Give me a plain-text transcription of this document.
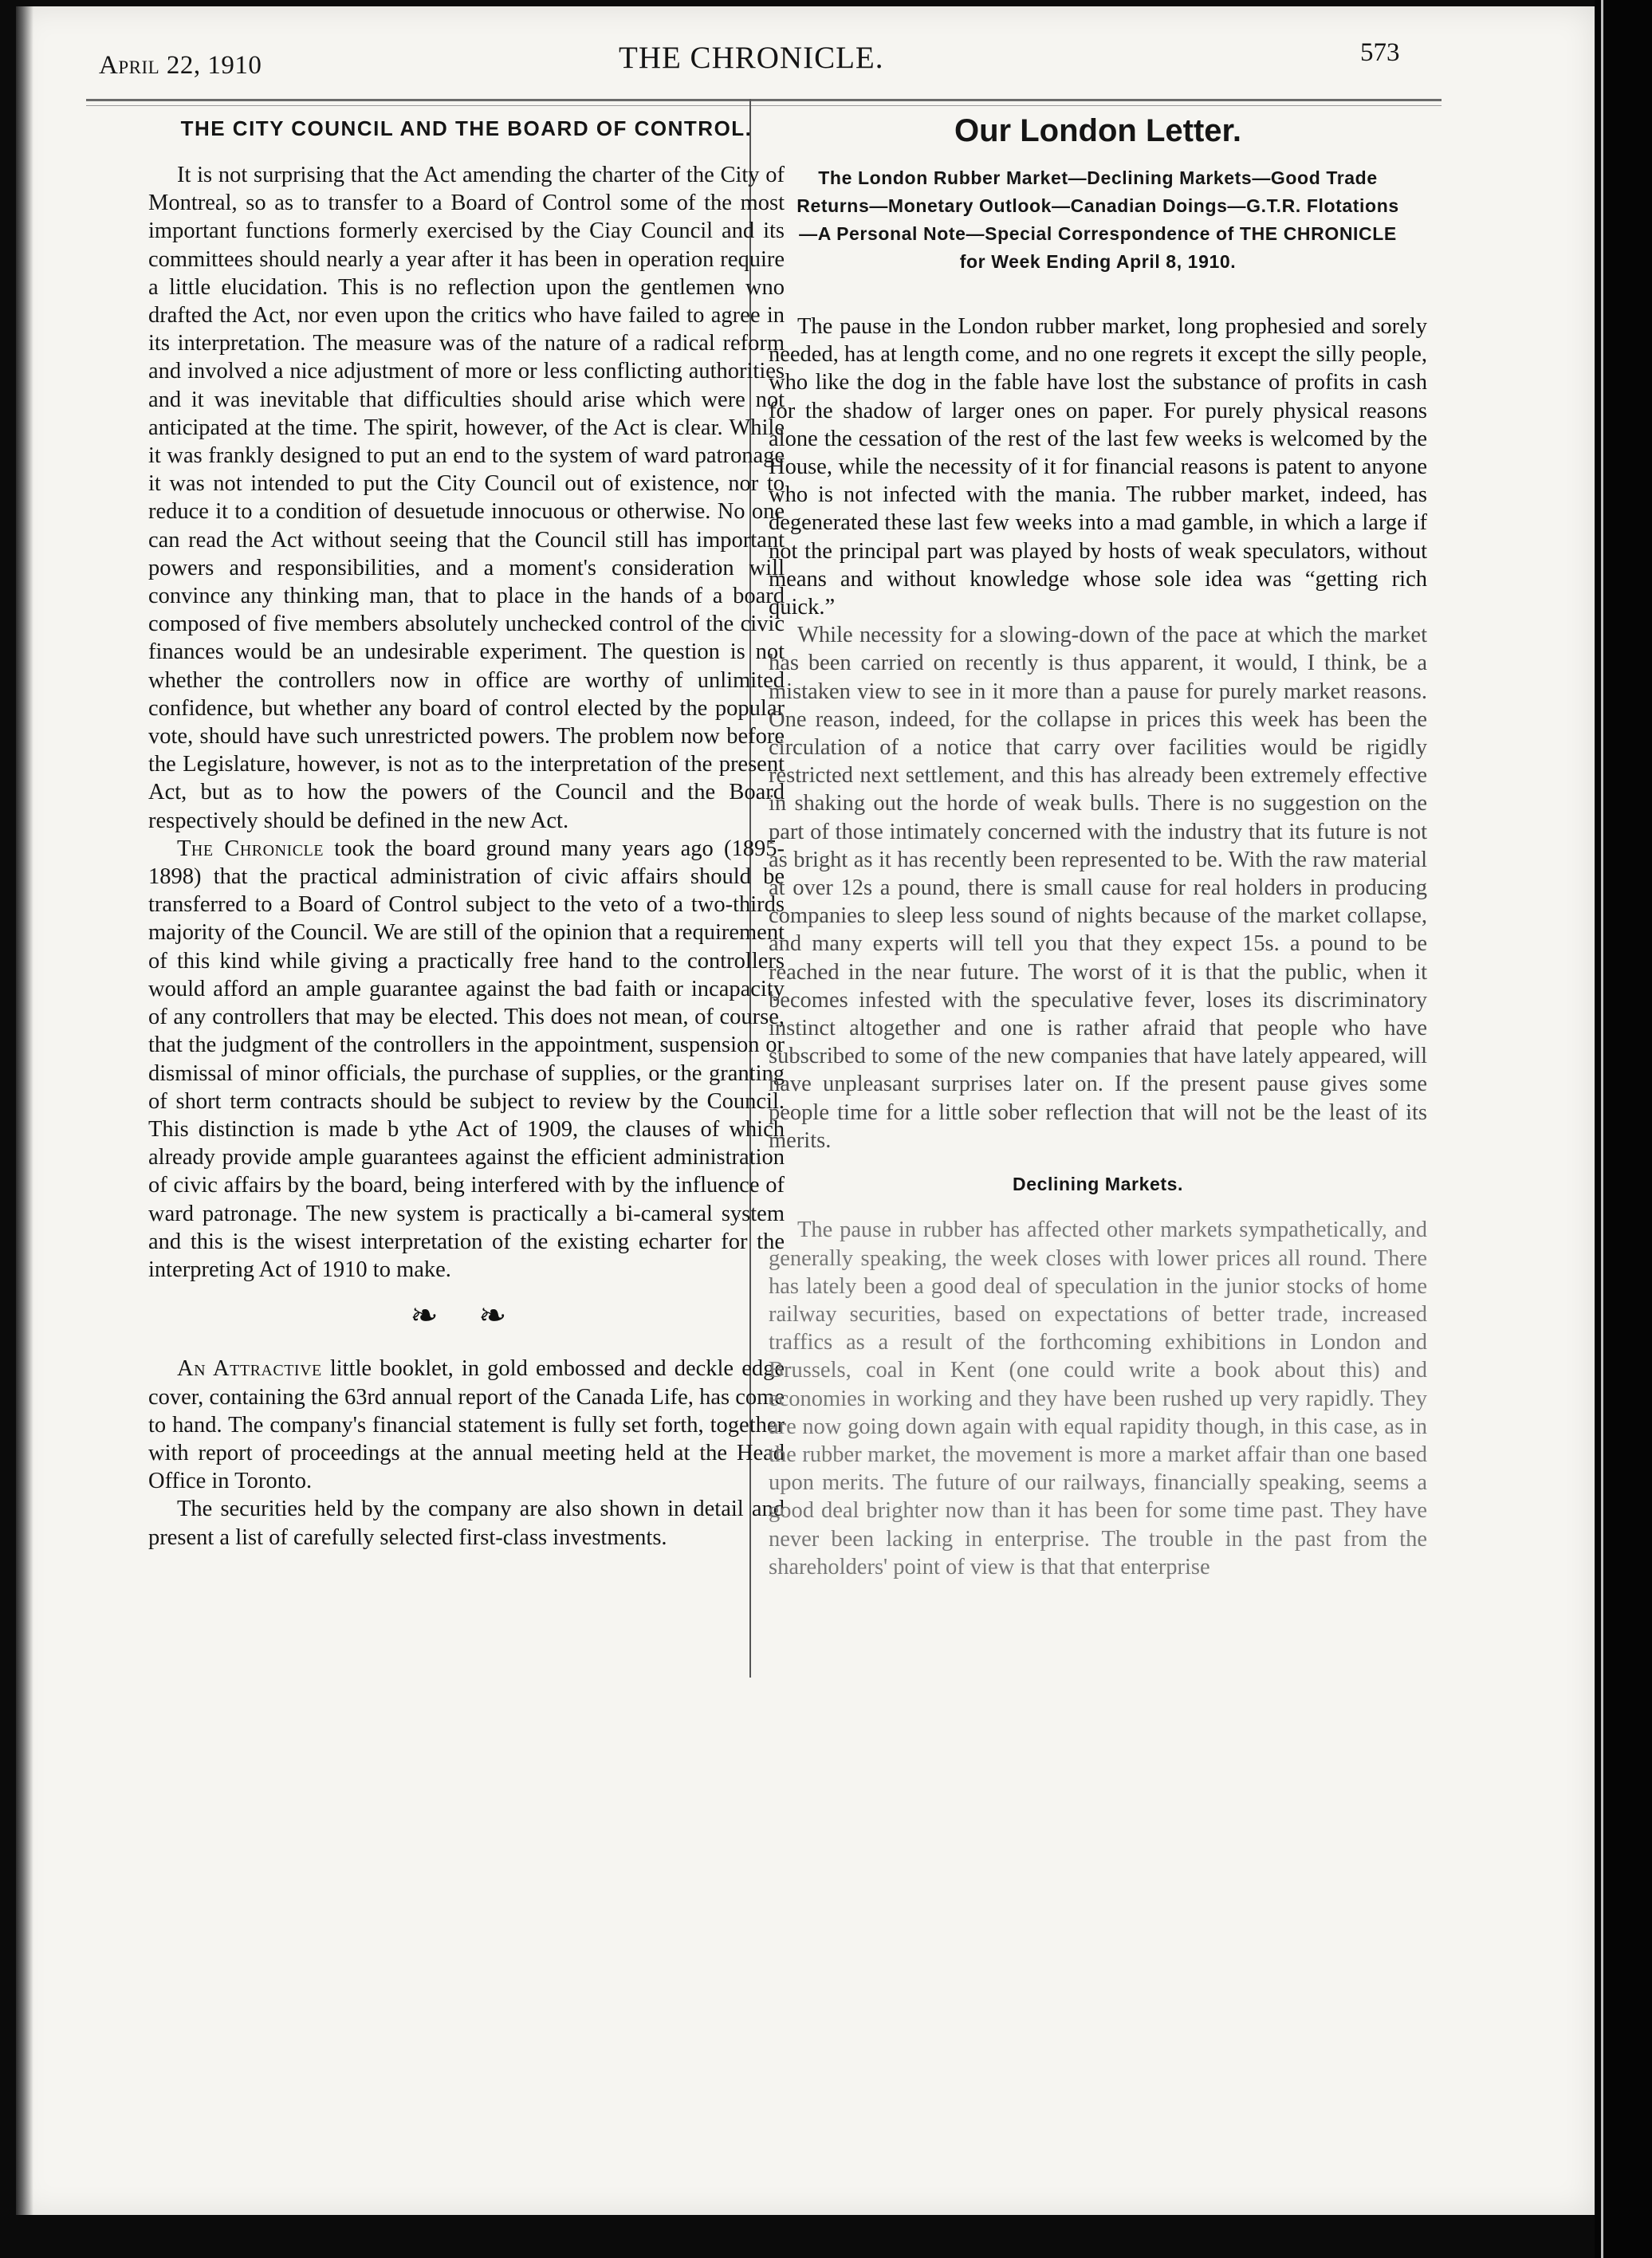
April 22, 1910	THE CHRONICLE.	573
THE CITY COUNCIL AND THE BOARD OF CONTROL.

It is not surprising that the Act amending the charter of the City of Montreal, so as to transfer to a Board of Control some of the most important functions formerly exercised by the Ciay Council and its committees should nearly a year after it has been in operation require a little elucidation. This is no reflection upon the gentlemen wno drafted the Act, nor even upon the critics who have failed to agree in its interpretation. The measure was of the nature of a radical reform and involved a nice adjustment of more or less conflicting authorities and it was inevitable that difficulties should arise which were not anticipated at the time. The spirit, however, of the Act is clear. While it was frankly designed to put an end to the system of ward patronage it was not intended to put the City Council out of existence, nor to reduce it to a condition of desuetude innocuous or otherwise. No one can read the Act without seeing that the Council still has important powers and responsibilities, and a moment's consideration will convince any thinking man, that to place in the hands of a board composed of five members absolutely unchecked control of the civic finances would be an undesirable experiment. The question is not whether the controllers now in office are worthy of unlimited confidence, but whether any board of control elected by the popular vote, should have such unrestricted powers. The problem now before the Legislature, however, is not as to the interpretation of the present Act, but as to how the powers of the Council and the Board respectively should be defined in the new Act.

The Chronicle took the board ground many years ago (1895-1898) that the practical administration of civic affairs should be transferred to a Board of Control subject to the veto of a two-thirds majority of the Council. We are still of the opinion that a requirement of this kind while giving a practically free hand to the controllers would afford an ample guarantee against the bad faith or incapacity of any controllers that may be elected. This does not mean, of course, that the judgment of the controllers in the appointment, suspension or dismissal of minor officials, the purchase of supplies, or the granting of short term contracts should be subject to review by the Council. This distinction is made b ythe Act of 1909, the clauses of which already provide ample guarantees against the efficient administration of civic affairs by the board, being interfered with by the influence of ward patronage. The new system is practically a bi-cameral system and this is the wisest interpretation of the existing echarter for the interpreting Act of 1910 to make.

❧ ❧

An Attractive little booklet, in gold embossed and deckle edge cover, containing the 63rd annual report of the Canada Life, has come to hand. The company's financial statement is fully set forth, together with report of proceedings at the annual meeting held at the Head Office in Toronto.

The securities held by the company are also shown in detail and present a list of carefully selected first-class investments.

Our London Letter.
The London Rubber Market—Declining Markets—Good Trade Returns—Monetary Outlook—Canadian Doings—G.T.R. Flotations —A Personal Note—Special Correspondence of THE CHRONICLE for Week Ending April 8, 1910.

The pause in the London rubber market, long prophesied and sorely needed, has at length come, and no one regrets it except the silly people, who like the dog in the fable have lost the substance of profits in cash for the shadow of larger ones on paper. For purely physical reasons alone the cessation of the rest of the last few weeks is welcomed by the House, while the necessity of it for financial reasons is patent to anyone who is not infected with the mania. The rubber market, indeed, has degenerated these last few weeks into a mad gamble, in which a large if not the principal part was played by hosts of weak speculators, without means and without knowledge whose sole idea was “getting rich quick.”

While necessity for a slowing-down of the pace at which the market has been carried on recently is thus apparent, it would, I think, be a mistaken view to see in it more than a pause for purely market reasons. One reason, indeed, for the collapse in prices this week has been the circulation of a notice that carry over facilities would be rigidly restricted next settlement, and this has already been extremely effective in shaking out the horde of weak bulls. There is no suggestion on the part of those intimately concerned with the industry that its future is not as bright as it has recently been represented to be. With the raw material at over 12s a pound, there is small cause for real holders in producing companies to sleep less sound of nights because of the market collapse, and many experts will tell you that they expect 15s. a pound to be reached in the near future. The worst of it is that the public, when it becomes infested with the speculative fever, loses its discriminatory instinct altogether and one is rather afraid that people who have subscribed to some of the new companies that have lately appeared, will have unpleasant surprises later on. If the present pause gives some people time for a little sober reflection that will not be the least of its merits.

Declining Markets.

The pause in rubber has affected other markets sympathetically, and generally speaking, the week closes with lower prices all round. There has lately been a good deal of speculation in the junior stocks of home railway securities, based on expectations of better trade, increased traffics as a result of the forthcoming exhibitions in London and Brussels, coal in Kent (one could write a book about this) and economies in working and they have been rushed up very rapidly. They are now going down again with equal rapidity though, in this case, as in the rubber market, the movement is more a market affair than one based upon merits. The future of our railways, financially speaking, seems a good deal brighter now than it has been for some time past. They have never been lacking in enterprise. The trouble in the past from the shareholders' point of view is that that enterprise
